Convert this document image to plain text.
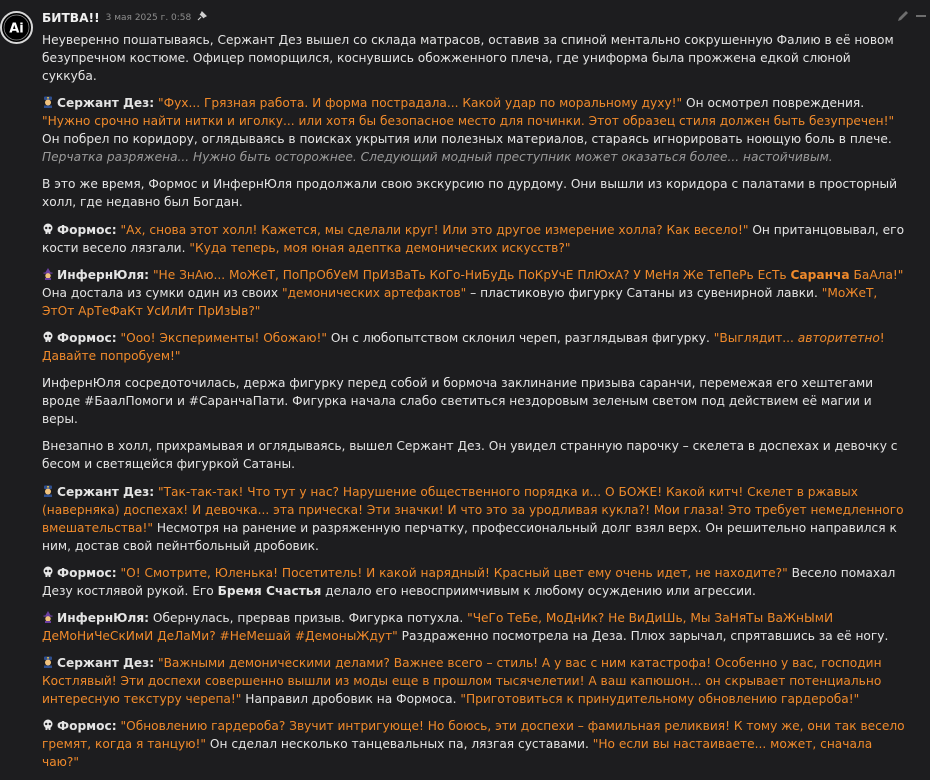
Ai
БИТВА!! 3 мая 2025 г. 0:58
Неуверенно пошатываясь, Сержант Дез вышел со склада матрасов, оставив за спиной ментально сокрушенную Фалию в её новом безупречном костюме. Офицер поморщился, коснувшись обожженного плеча, где униформа была прожжена едкой слюной суккуба.
Сержант Дез: "Фух... Грязная работа. И форма пострадала... Какой удар по моральному духу!" Он осмотрел повреждения. "Нужно срочно найти нитки и иголку... или хотя бы безопасное место для починки. Этот образец стиля должен быть безупречен!" Он побрел по коридору, оглядываясь в поисках укрытия или полезных материалов, стараясь игнорировать ноющую боль в плече. Перчатка разряжена... Нужно быть осторожнее. Следующий модный преступник может оказаться более... настойчивым.
В это же время, Формос и ИнфернЮля продолжали свою экскурсию по дурдому. Они вышли из коридора с палатами в просторный холл, где недавно был Богдан.
Формос: "Ах, снова этот холл! Кажется, мы сделали круг! Или это другое измерение холла? Как весело!" Он пританцовывал, его кости весело лязгали. "Куда теперь, моя юная адептка демонических искусств?"
ИнфернЮля: "Не ЗнАю... МоЖеТ, ПоПрОбУеМ ПрИзВаТь КоГо-НиБуДь ПоКрУчЕ ПлЮхА? У МеНя Же ТеПеРь ЕсТь Саранча БаАла!" Она достала из сумки один из своих "демонических артефактов" – пластиковую фигурку Сатаны из сувенирной лавки. "МоЖеТ, ЭтОт АрТеФаКт УсИлИт ПрИзЫв?"
Формос: "Ооо! Эксперименты! Обожаю!" Он с любопытством склонил череп, разглядывая фигурку. "Выглядит... авторитетно! Давайте попробуем!"
ИнфернЮля сосредоточилась, держа фигурку перед собой и бормоча заклинание призыва саранчи, перемежая его хештегами вроде #БаалПомоги и #СаранчаПати. Фигурка начала слабо светиться нездоровым зеленым светом под действием её магии и веры.
Внезапно в холл, прихрамывая и оглядываясь, вышел Сержант Дез. Он увидел странную парочку – скелета в доспехах и девочку с бесом и светящейся фигуркой Сатаны.
Сержант Дез: "Так-так-так! Что тут у нас? Нарушение общественного порядка и... О БОЖЕ! Какой китч! Скелет в ржавых (наверняка) доспехах! И девочка... эта прическа! Эти значки! И что это за уродливая кукла?! Мои глаза! Это требует немедленного вмешательства!" Несмотря на ранение и разряженную перчатку, профессиональный долг взял верх. Он решительно направился к ним, достав свой пейнтбольный дробовик.
Формос: "О! Смотрите, Юленька! Посетитель! И какой нарядный! Красный цвет ему очень идет, не находите?" Весело помахал Дезу костлявой рукой. Его Бремя Счастья делало его невосприимчивым к любому осуждению или агрессии.
ИнфернЮля: Обернулась, прервав призыв. Фигурка потухла. "ЧеГо ТеБе, МоДнИк? Не ВиДиШь, Мы ЗаНяТы ВаЖнЫмИ ДеМоНиЧеСкИмИ ДеЛаМи? #НеМешай #ДемоныЖдут" Раздраженно посмотрела на Деза. Плюх зарычал, спрятавшись за её ногу.
Сержант Дез: "Важными демоническими делами? Важнее всего – стиль! А у вас с ним катастрофа! Особенно у вас, господин Костлявый! Эти доспехи совершенно вышли из моды еще в прошлом тысячелетии! А ваш капюшон... он скрывает потенциально интересную текстуру черепа!" Направил дробовик на Формоса. "Приготовиться к принудительному обновлению гардероба!"
Формос: "Обновлению гардероба? Звучит интригующе! Но боюсь, эти доспехи – фамильная реликвия! К тому же, они так весело гремят, когда я танцую!" Он сделал несколько танцевальных па, лязгая суставами. "Но если вы настаиваете... может, сначала чаю?"
